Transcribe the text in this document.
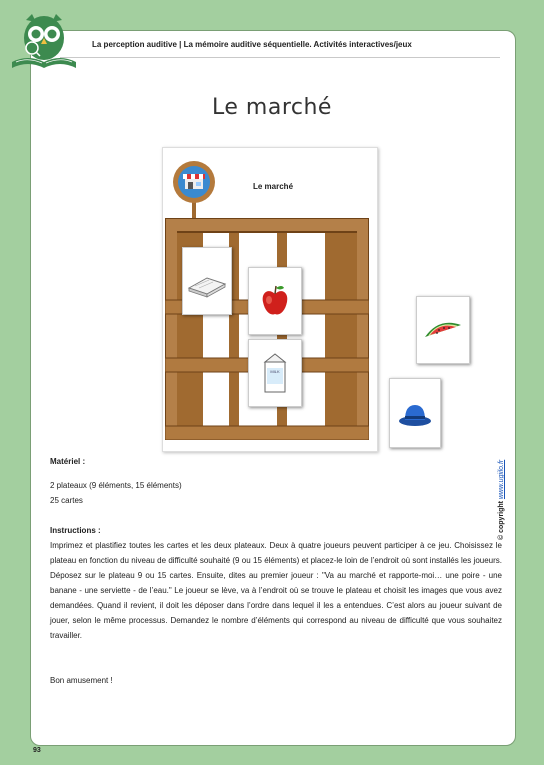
La perception auditive | La mémoire auditive séquentielle. Activités interactives/jeux
Le marché
Le marché
MILK
© copyright www.ugiilo.fr

Matériel :

2 plateaux (9 éléments, 15 éléments)

25 cartes

Instructions :

Imprimez et plastifiez toutes les cartes et les deux plateaux. Deux à quatre joueurs peuvent participer à ce jeu. Choisissez le plateau en fonction du niveau de difficulté souhaité (9 ou 15 éléments) et placez-le loin de l’endroit où sont installés les joueurs. Déposez sur le plateau 9 ou 15 cartes. Ensuite, dites au premier joueur : "Va au marché et rapporte-moi… une poire - une banane - une serviette - de l’eau." Le joueur se lève, va à l’endroit où se trouve le plateau et choisit les images que vous avez demandées. Quand il revient, il doit les déposer dans l’ordre dans lequel il les a entendues. C’est alors au joueur suivant de jouer, selon le même processus. Demandez le nombre d’éléments qui correspond au niveau de difficulté que vous souhaitez travailler.

Bon amusement !

93
